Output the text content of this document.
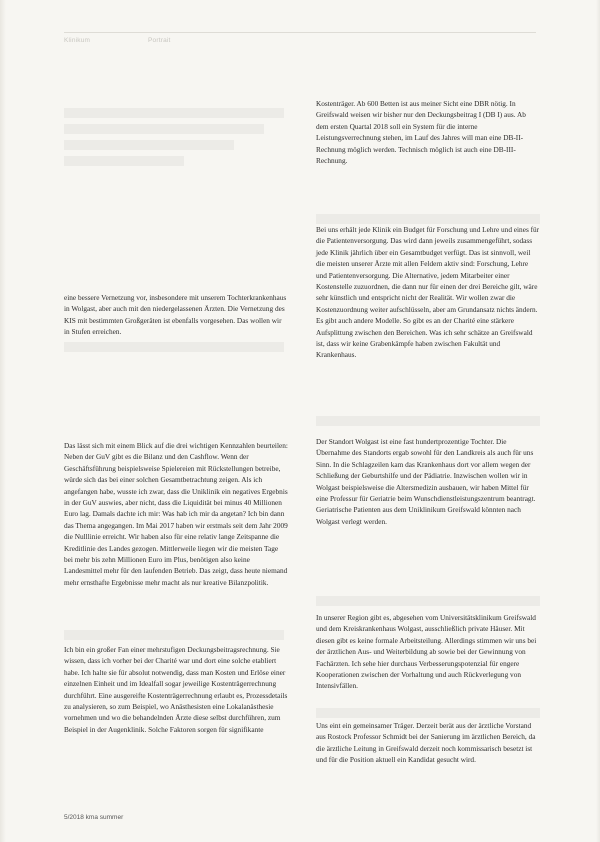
Klinikum	Portrait

Kostenträger. Ab 600 Betten ist aus meiner Sicht eine DBR nötig. In Greifswald weisen wir bisher nur den Deckungsbeitrag I (DB I) aus. Ab dem ersten Quartal 2018 soll ein System für die interne Leistungsverrechnung stehen, im Lauf des Jahres will man eine DB-II-Rechnung möglich werden. Technisch möglich ist auch eine DB-III-Rechnung.

Bei uns erhält jede Klinik ein Budget für Forschung und Lehre und eines für die Patientenversorgung. Das wird dann jeweils zusammengeführt, sodass jede Klinik jährlich über ein Gesamtbudget verfügt. Das ist sinnvoll, weil die meisten unserer Ärzte mit allen Feldern aktiv sind: Forschung, Lehre und Patientenversorgung. Die Alternative, jedem Mitarbeiter einer Kostenstelle zuzuordnen, die dann nur für einen der drei Bereiche gilt, wäre sehr künstlich und entspricht nicht der Realität. Wir wollen zwar die Kostenzuordnung weiter aufschlüsseln, aber am Grundansatz nichts ändern. Es gibt auch andere Modelle. So gibt es an der Charité eine stärkere Aufsplittung zwischen den Bereichen. Was ich sehr schätze an Greifswald ist, dass wir keine Grabenkämpfe haben zwischen Fakultät und Krankenhaus.

Der Standort Wolgast ist eine fast hundertprozentige Tochter. Die Übernahme des Standorts ergab sowohl für den Landkreis als auch für uns Sinn. In die Schlagzeilen kam das Krankenhaus dort vor allem wegen der Schließung der Geburtshilfe und der Pädiatrie. Inzwischen wollen wir in Wolgast beispielsweise die Altersmedizin ausbauen, wir haben Mittel für eine Professur für Geriatrie beim Wunschdienstleistungszentrum beantragt. Geriatrische Patienten aus dem Uniklinikum Greifswald könnten nach Wolgast verlegt werden.

In unserer Region gibt es, abgesehen vom Universitätsklinikum Greifswald und dem Kreiskrankenhaus Wolgast, ausschließlich private Häuser. Mit diesen gibt es keine formale Arbeitsteilung. Allerdings stimmen wir uns bei der ärztlichen Aus- und Weiterbildung ab sowie bei der Gewinnung von Fachärzten. Ich sehe hier durchaus Verbesserungspotenzial für engere Kooperationen zwischen der Vorhaltung und auch Rückverlegung von Intensivfällen.

Uns eint ein gemeinsamer Träger. Derzeit berät aus der ärztliche Vorstand aus Rostock Professor Schmidt bei der Sanierung im ärztlichen Bereich, da die ärztliche Leitung in Greifswald derzeit noch kommissarisch besetzt ist und für die Position aktuell ein Kandidat gesucht wird.

eine bessere Vernetzung vor, insbesondere mit unserem Tochterkrankenhaus in Wolgast, aber auch mit den niedergelassenen Ärzten. Die Vernetzung des KIS mit bestimmten Großgeräten ist ebenfalls vorgesehen. Das wollen wir in Stufen erreichen.

Das lässt sich mit einem Blick auf die drei wichtigen Kennzahlen beurteilen: Neben der GuV gibt es die Bilanz und den Cashflow. Wenn der Geschäftsführung beispielsweise Spielereien mit Rückstellungen betreibe, würde sich das bei einer solchen Gesamtbetrachtung zeigen. Als ich angefangen habe, wusste ich zwar, dass die Uniklinik ein negatives Ergebnis in der GuV auswies, aber nicht, dass die Liquidität bei minus 40 Millionen Euro lag. Damals dachte ich mir: Was hab ich mir da angetan? Ich bin dann das Thema angegangen. Im Mai 2017 haben wir erstmals seit dem Jahr 2009 die Nulllinie erreicht. Wir haben also für eine relativ lange Zeitspanne die Kreditlinie des Landes gezogen. Mittlerweile liegen wir die meisten Tage bei mehr bis zehn Millionen Euro im Plus, benötigen also keine Landesmittel mehr für den laufenden Betrieb. Das zeigt, dass heute niemand mehr ernsthafte Ergebnisse mehr macht als nur kreative Bilanzpolitik.

Ich bin ein großer Fan einer mehrstufigen Deckungsbeitragsrechnung. Sie wissen, dass ich vorher bei der Charité war und dort eine solche etabliert habe. Ich halte sie für absolut notwendig, dass man Kosten und Erlöse einer einzelnen Einheit und im Idealfall sogar jeweilige Kostenträgerrechnung durchführt. Eine ausgereifte Kostenträgerrechnung erlaubt es, Prozessdetails zu analysieren, so zum Beispiel, wo Anästhesisten eine Lokalanästhesie vornehmen und wo die behandelnden Ärzte diese selbst durchführen, zum Beispiel in der Augenklinik. Solche Faktoren sorgen für signifikante

5/2018 kma summer
